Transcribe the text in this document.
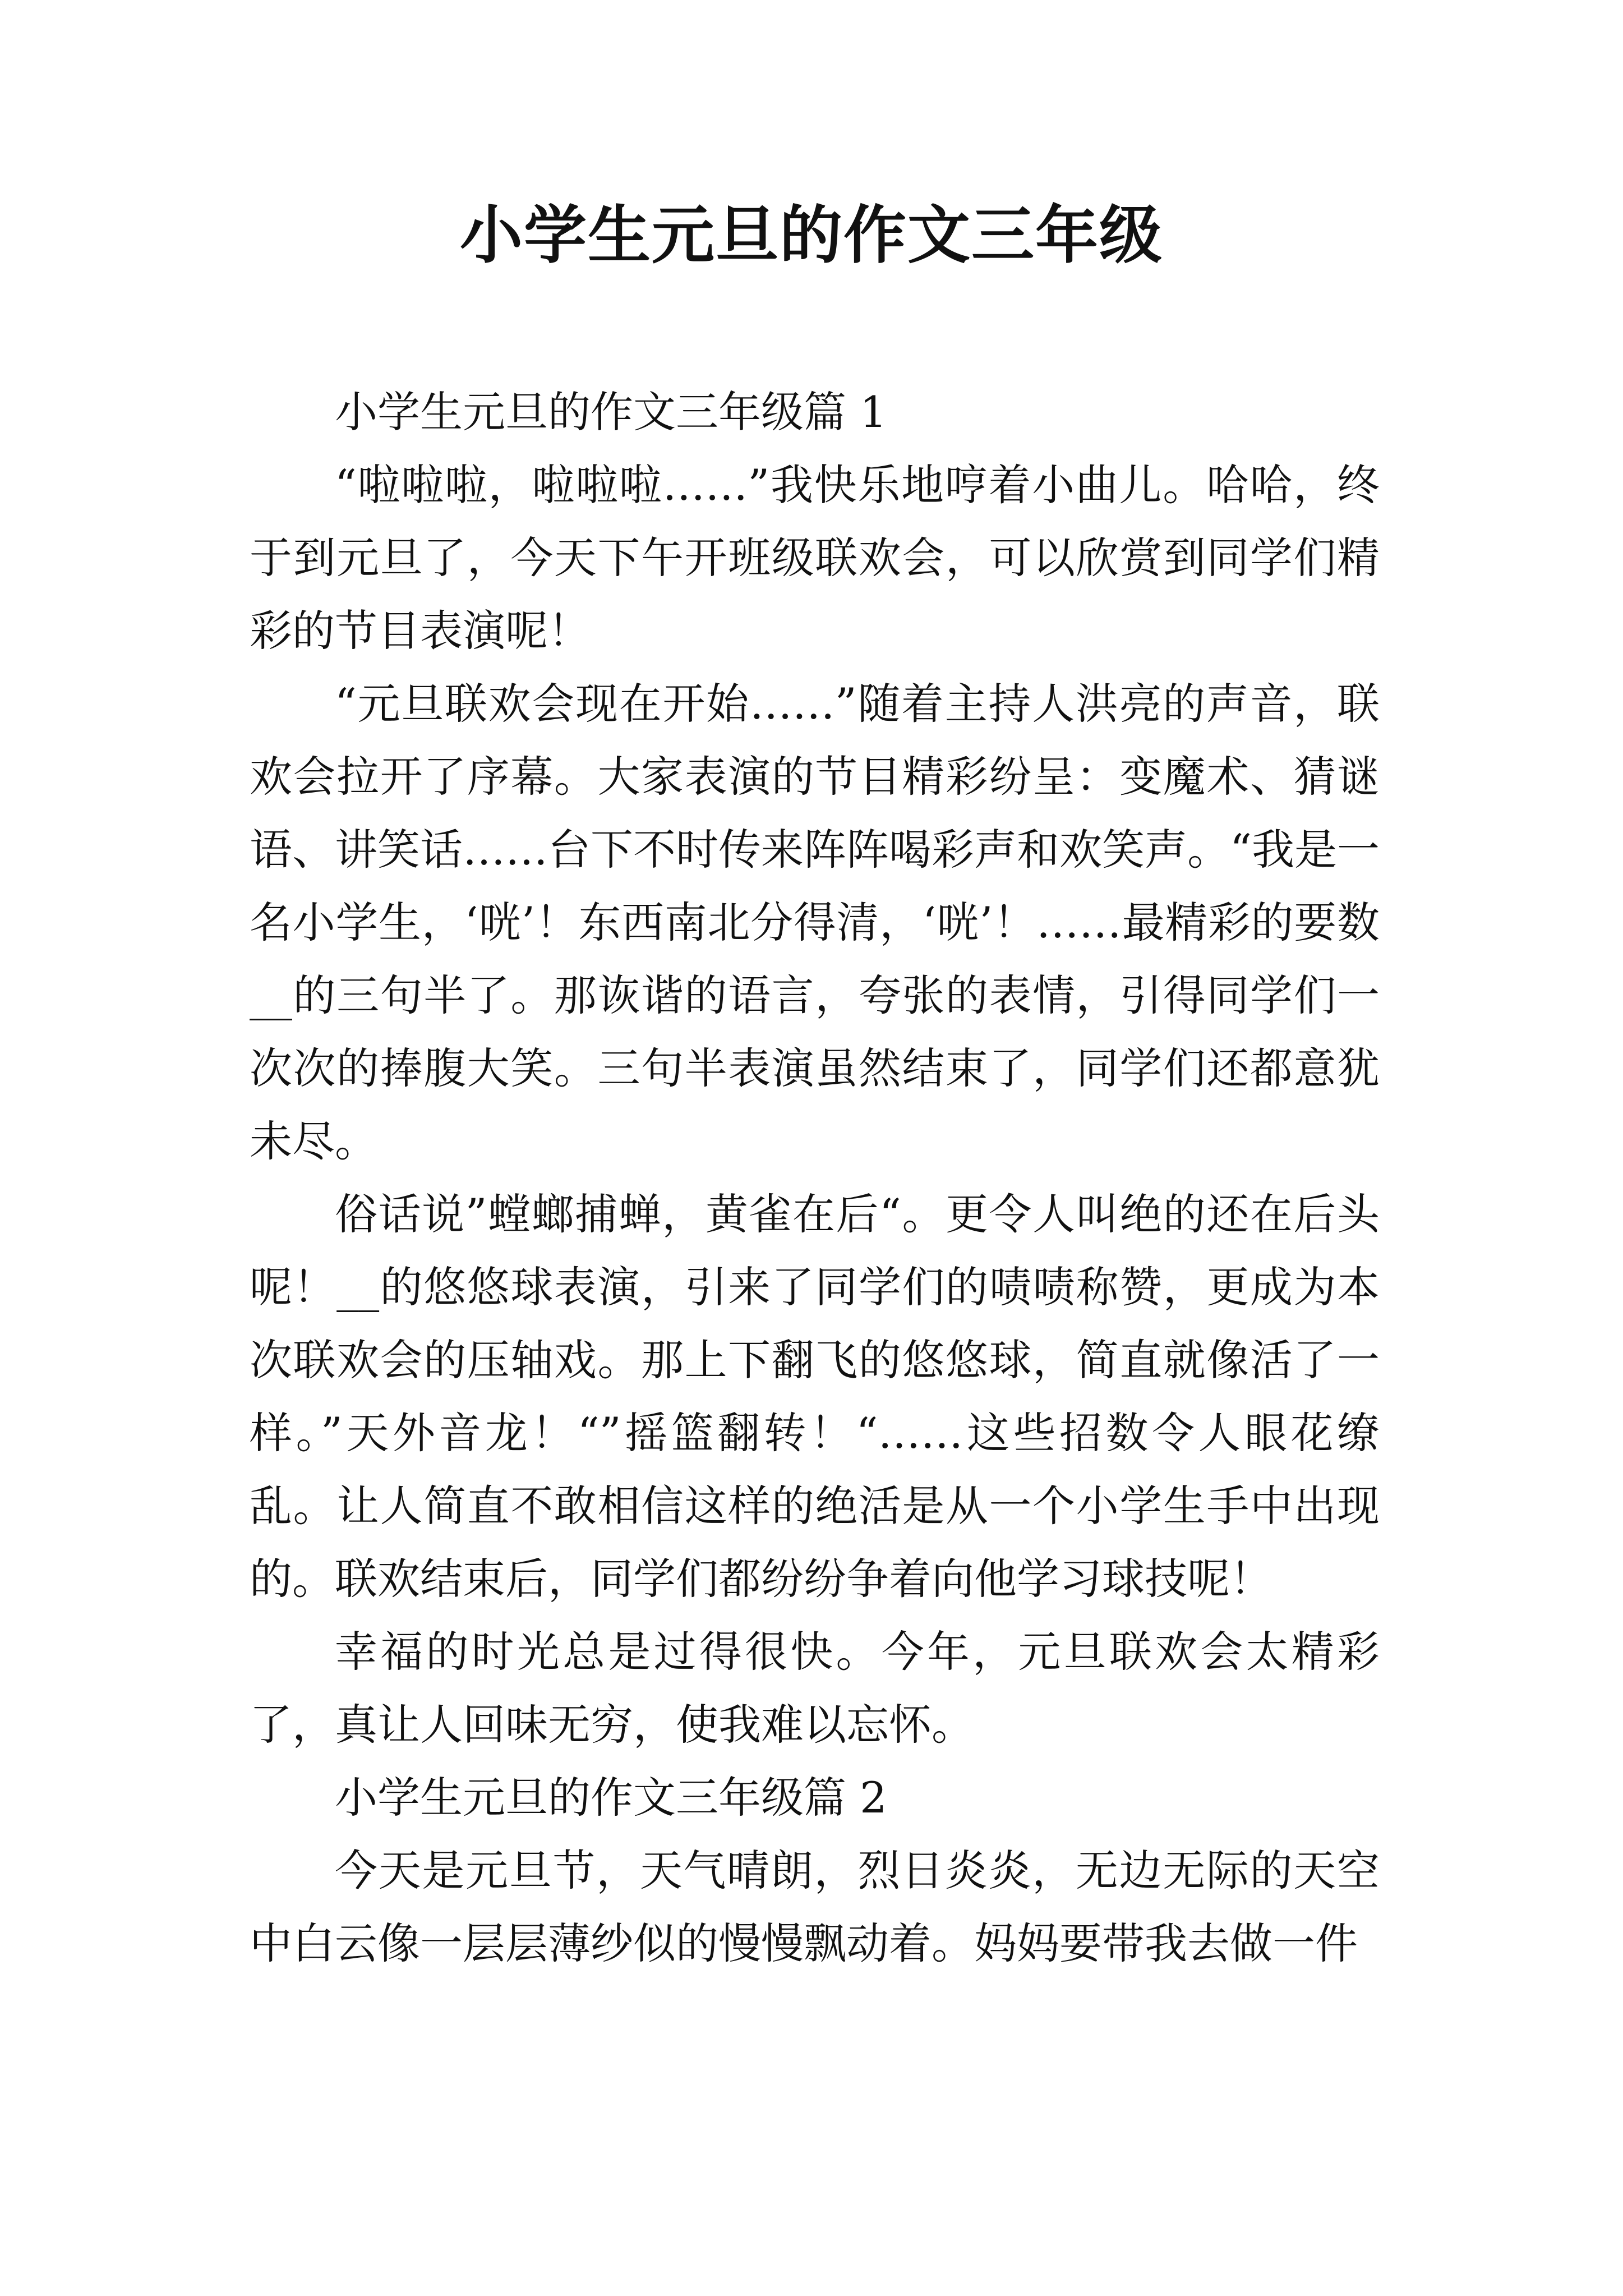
小学生元旦的作文三年级

小学生元旦的作文三年级篇 1

“啦啦啦，啦啦啦……”我快乐地哼着小曲儿。哈哈，终于到元旦了，今天下午开班级联欢会，可以欣赏到同学们精彩的节目表演呢！

“元旦联欢会现在开始……”随着主持人洪亮的声音，联欢会拉开了序幕。大家表演的节目精彩纷呈：变魔术、猜谜语、讲笑话……台下不时传来阵阵喝彩声和欢笑声。“我是一名小学生，‘咣’！东西南北分得清，‘咣’！……最精彩的要数__的三句半了。那诙谐的语言，夸张的表情，引得同学们一次次的捧腹大笑。三句半表演虽然结束了，同学们还都意犹未尽。

俗话说”螳螂捕蝉，黄雀在后“。更令人叫绝的还在后头呢！__的悠悠球表演，引来了同学们的啧啧称赞，更成为本次联欢会的压轴戏。那上下翻飞的悠悠球，简直就像活了一样。”天外音龙！“”摇篮翻转！“……这些招数令人眼花缭乱。让人简直不敢相信这样的绝活是从一个小学生手中出现的。联欢结束后，同学们都纷纷争着向他学习球技呢！

幸福的时光总是过得很快。今年，元旦联欢会太精彩了，真让人回味无穷，使我难以忘怀。

小学生元旦的作文三年级篇 2

今天是元旦节，天气晴朗，烈日炎炎，无边无际的天空中白云像一层层薄纱似的慢慢飘动着。妈妈要带我去做一件
